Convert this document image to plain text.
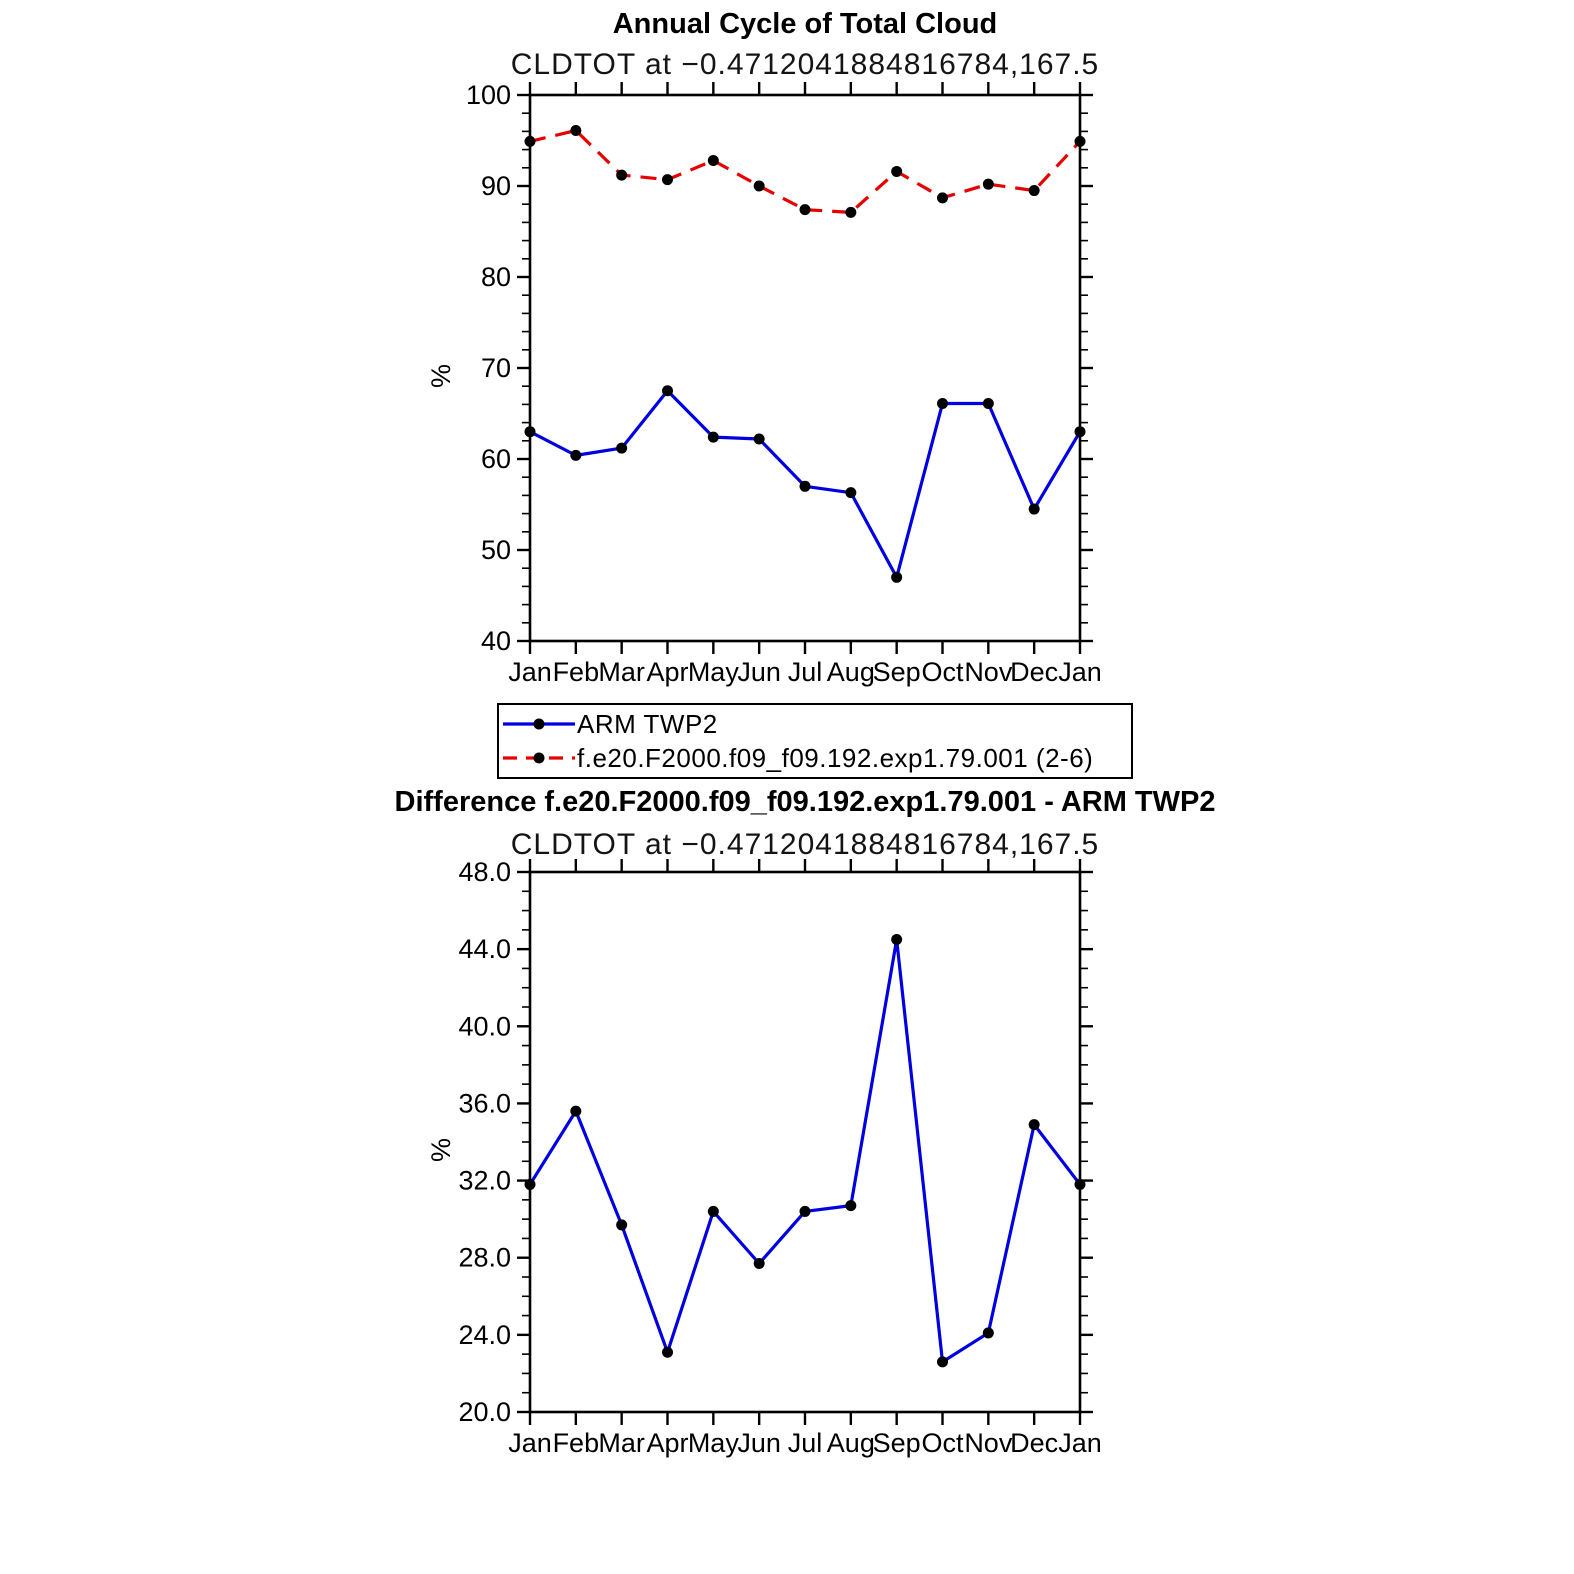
40
50
60
70
80
90
100
Jan Feb Mar Apr May
Jun Jul Aug
Sep Oct Nov
Dec Jan
%
20.0
24.0
28.0
32.0
36.0
40.0
44.0
48.0
Jan Feb Mar Apr May
Jun Jul Aug
Sep Oct Nov
Dec Jan
%
Annual Cycle of Total Cloud
CLDTOT at −0.4712041884816784,167.5
ARM TWP2
f.e20.F2000.f09_f09.192.exp1.79.001 (2-6)
Difference f.e20.F2000.f09_f09.192.exp1.79.001 - ARM TWP2
CLDTOT at −0.4712041884816784,167.5
